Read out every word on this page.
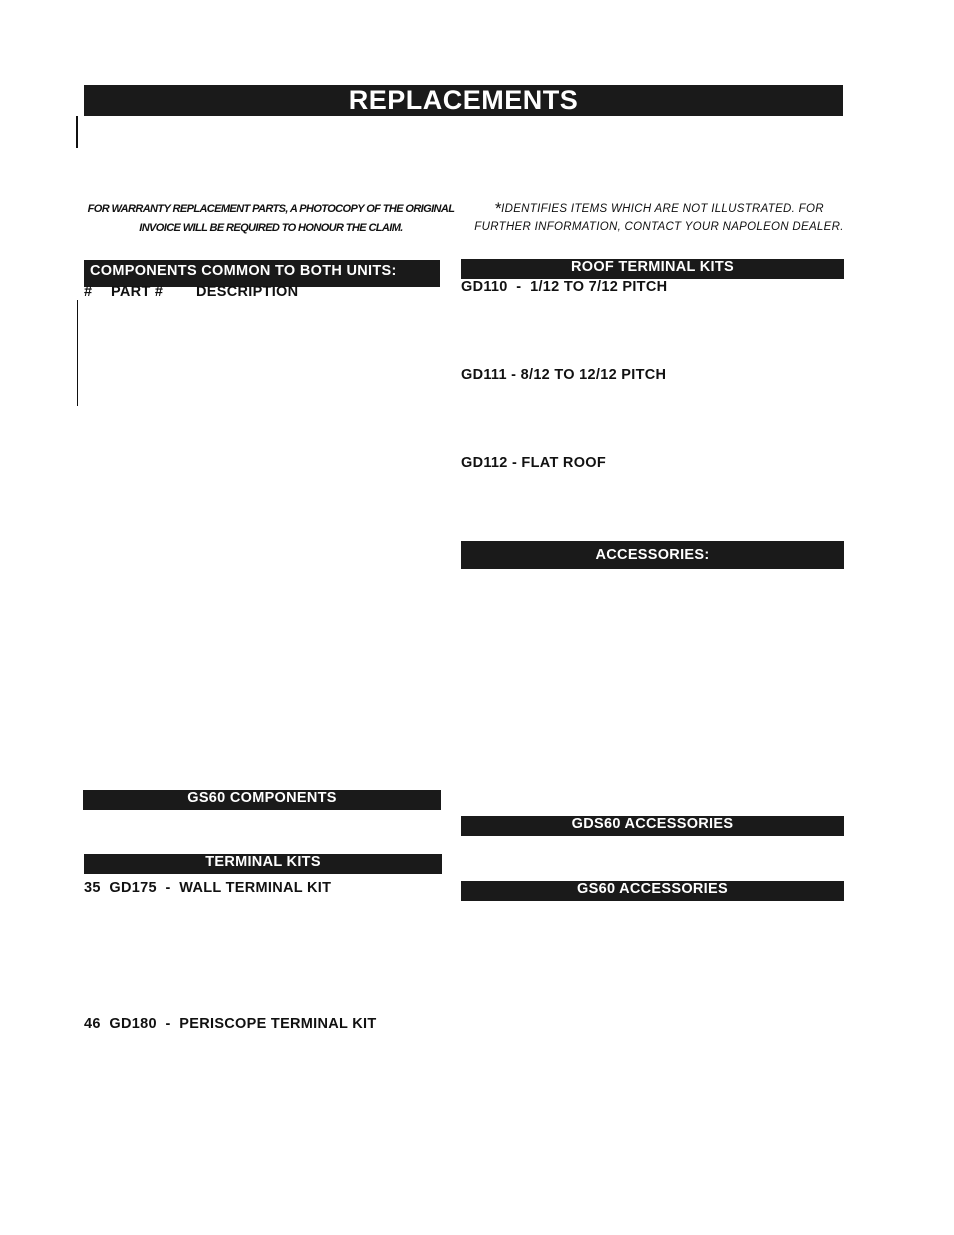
REPLACEMENTS
FOR WARRANTY REPLACEMENT PARTS, A PHOTOCOPY OF THE ORIGINAL INVOICE WILL BE REQUIRED TO HONOUR THE CLAIM.
*IDENTIFIES ITEMS WHICH ARE NOT ILLUSTRATED. FOR FURTHER INFORMATION, CONTACT YOUR NAPOLEON DEALER.
COMPONENTS COMMON TO BOTH UNITS:
# PART # DESCRIPTION
GS60 COMPONENTS
TERMINAL KITS
35  GD175  -  WALL TERMINAL KIT
46  GD180  -  PERISCOPE TERMINAL KIT
ROOF TERMINAL KITS
GD110  -  1/12 TO 7/12 PITCH
GD111 - 8/12 TO 12/12 PITCH
GD112 - FLAT ROOF
ACCESSORIES:
GDS60 ACCESSORIES
GS60 ACCESSORIES
